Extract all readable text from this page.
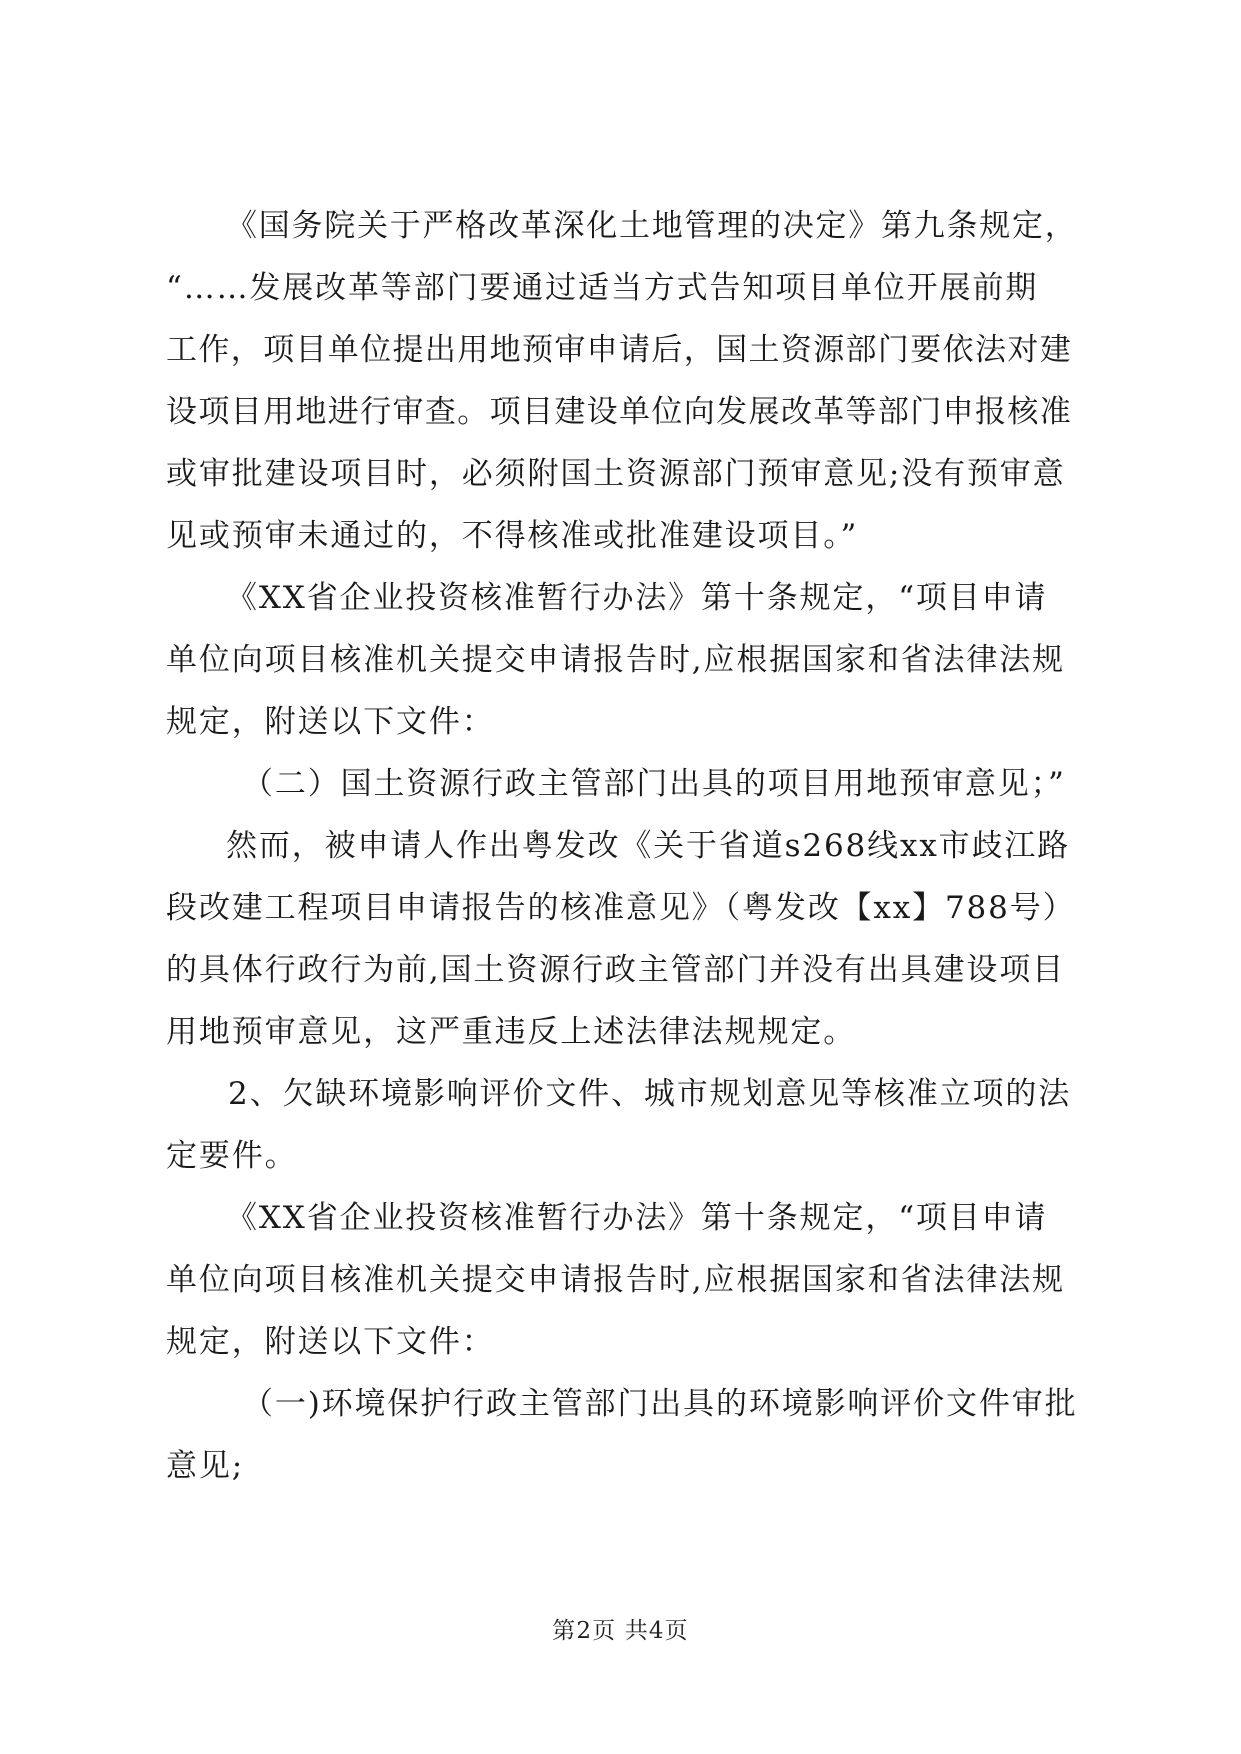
《国务院关于严格改革深化土地管理的决定》第九条规定，
“……发展改革等部门要通过适当方式告知项目单位开展前期
工作，项目单位提出用地预审申请后，国土资源部门要依法对建
设项目用地进行审查。项目建设单位向发展改革等部门申报核准
或审批建设项目时，必须附国土资源部门预审意见;没有预审意
见或预审未通过的，不得核准或批准建设项目。”
《XX省企业投资核准暂行办法》第十条规定，“项目申请
单位向项目核准机关提交申请报告时,应根据国家和省法律法规
规定，附送以下文件：
（二）国土资源行政主管部门出具的项目用地预审意见；”
然而，被申请人作出粤发改《关于省道s268线xx市歧江路
段改建工程项目申请报告的核准意见》（粤发改【xx】788号）
的具体行政行为前,国土资源行政主管部门并没有出具建设项目
用地预审意见，这严重违反上述法律法规规定。
2、欠缺环境影响评价文件、城市规划意见等核准立项的法
定要件。
《XX省企业投资核准暂行办法》第十条规定，“项目申请
单位向项目核准机关提交申请报告时,应根据国家和省法律法规
规定，附送以下文件：
（一)环境保护行政主管部门出具的环境影响评价文件审批
意见;
第2页 共4页
